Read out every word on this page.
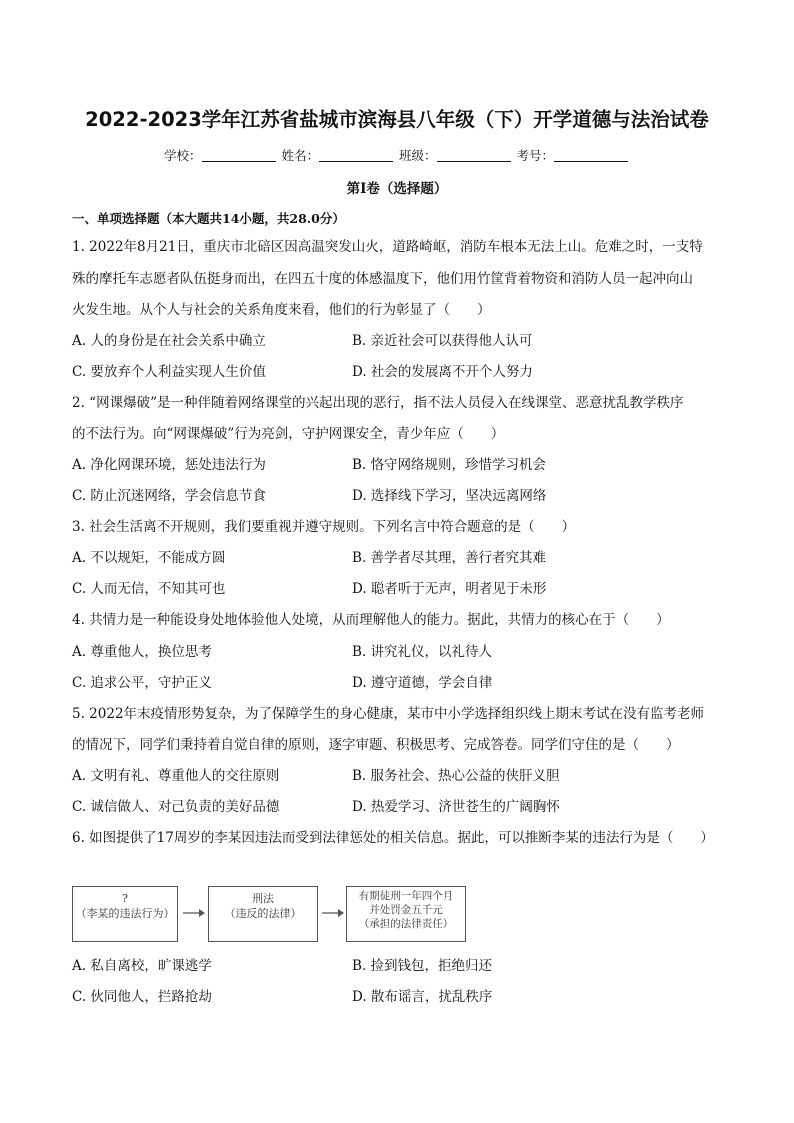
2022-2023学年江苏省盐城市滨海县八年级（下）开学道德与法治试卷
学校：	姓名：	班级：	考号：
第I卷（选择题）
一、单项选择题（本大题共14小题，共28.0分）
1. 2022年8月21日，重庆市北碚区因高温突发山火，道路崎岖，消防车根本无法上山。危难之时，一支特
殊的摩托车志愿者队伍挺身而出，在四五十度的体感温度下，他们用竹筐背着物资和消防人员一起冲向山
火发生地。从个人与社会的关系角度来看，他们的行为彰显了（　　）
A. 人的身份是在社会关系中确立	B. 亲近社会可以获得他人认可
C. 要放弃个人利益实现人生价值	D. 社会的发展离不开个人努力
2. “网课爆破”是一种伴随着网络课堂的兴起出现的恶行，指不法人员侵入在线课堂、恶意扰乱教学秩序
的不法行为。向“网课爆破”行为亮剑，守护网课安全，青少年应（　　）
A. 净化网课环境，惩处违法行为	B. 恪守网络规则，珍惜学习机会
C. 防止沉迷网络，学会信息节食	D. 选择线下学习，坚决远离网络
3. 社会生活离不开规则，我们要重视并遵守规则。下列名言中符合题意的是（　　）
A. 不以规矩，不能成方圆	B. 善学者尽其理，善行者究其难
C. 人而无信，不知其可也	D. 聪者听于无声，明者见于未形
4. 共情力是一种能设身处地体验他人处境，从而理解他人的能力。据此，共情力的核心在于（　　）
A. 尊重他人，换位思考	B. 讲究礼仪，以礼待人
C. 追求公平，守护正义	D. 遵守道德，学会自律
5. 2022年末疫情形势复杂，为了保障学生的身心健康，某市中小学选择组织线上期末考试在没有监考老师
的情况下，同学们秉持着自觉自律的原则，逐字审题、积极思考、完成答卷。同学们守住的是（　　）
A. 文明有礼、尊重他人的交往原则	B. 服务社会、热心公益的侠肝义胆
C. 诚信做人、对己负责的美好品德	D. 热爱学习、济世苍生的广阔胸怀
6. 如图提供了17周岁的李某因违法而受到法律惩处的相关信息。据此，可以推断李某的违法行为是（　　）
?
（李某的违法行为）
刑法
（违反的法律）
有期徒刑一年四个月
并处罚金五千元
（承担的法律责任）
A. 私自离校，旷课逃学	B. 捡到钱包，拒绝归还
C. 伙同他人，拦路抢劫	D. 散布谣言，扰乱秩序
